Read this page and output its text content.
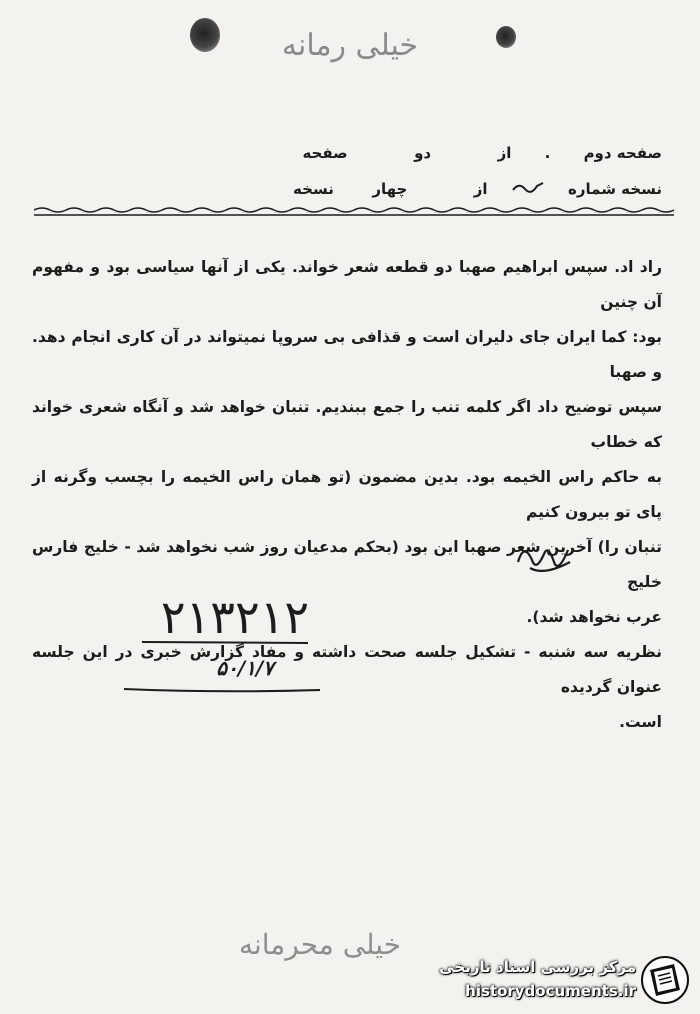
خیلی رمانه
صفحه دوم . از  دو  صفحه
نسخه شماره  از  چهار  نسخه

راد اد. سپس ابراهیم صهبا دو قطعه شعر خواند. یکی از آنها سیاسی بود و مفهوم آن چنین

بود: کما ایران جای دلیران است و قذافی بی سروپا نمیتواند در آن کاری انجام دهد. و صهبا

سپس توضیح داد اگر کلمه تنب را جمع ببندیم. تنبان خواهد شد و آنگاه شعری خواند که خطاب

به حاکم راس الخیمه بود. بدین مضمون (تو همان راس الخیمه را بچسب وگرنه از پای تو بیرون کنیم

تنبان را) آخرین شعر صهبا این بود (بحکم مدعیان روز شب نخواهد شد - خلیج فارس خلیج

عرب نخواهد شد).

نظریه سه شنبه - تشکیل جلسه صحت داشته و مفاد گزارش خبری در این جلسه عنوان گردیده

است.

۲۱۳۲۱۲
۵۰/۱/۷
خیلی محرمانه
مرکز بررسی اسناد تاریخی
historydocuments.ir
